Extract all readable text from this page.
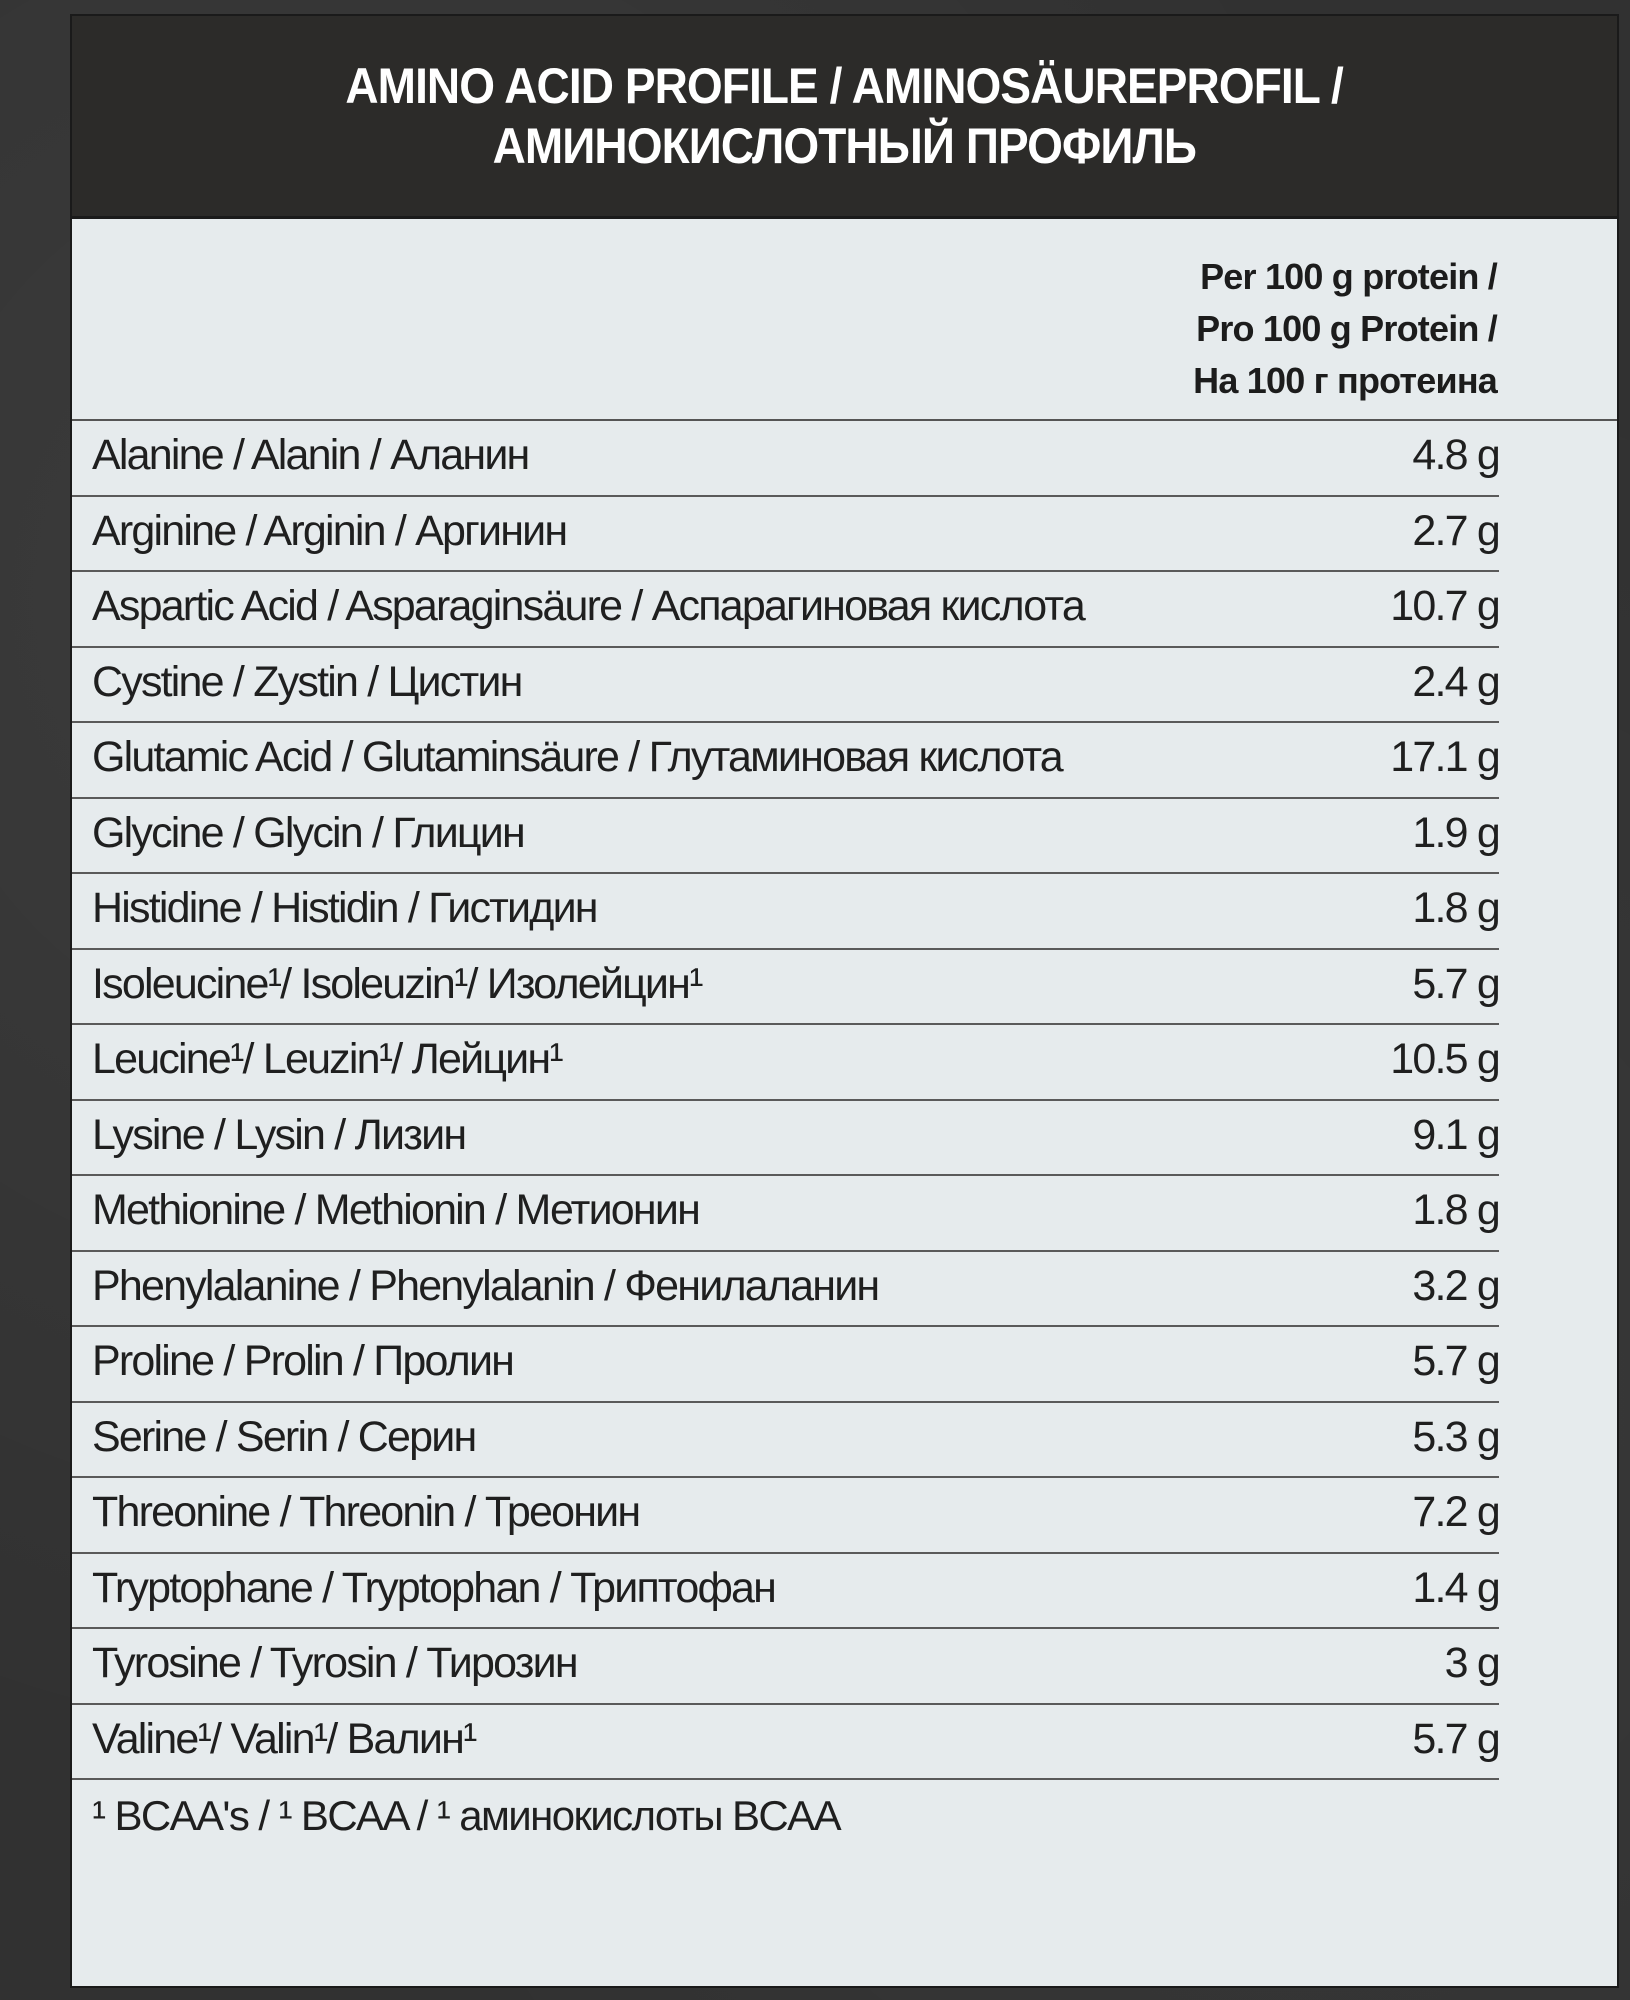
AMINO ACID PROFILE / AMINOSÄUREPROFIL /
АМИНОКИСЛОТНЫЙ ПРОФИЛЬ
Per 100 g protein /
Pro 100 g Protein /
На 100 г протеина
Alanine / Alanin / Аланин	4.8 g
Arginine / Arginin / Аргинин	2.7 g
Aspartic Acid / Asparaginsäure / Аспарагиновая кислота	10.7 g
Cystine / Zystin / Цистин	2.4 g
Glutamic Acid / Glutaminsäure / Глутаминовая кислота	17.1 g
Glycine / Glycin / Глицин	1.9 g
Histidine / Histidin / Гистидин	1.8 g
Isoleucine¹/ Isoleuzin¹/ Изолейцин¹	5.7 g
Leucine¹/ Leuzin¹/ Лейцин¹	10.5 g
Lysine / Lysin / Лизин	9.1 g
Methionine / Methionin / Метионин	1.8 g
Phenylalanine / Phenylalanin / Фенилаланин	3.2 g
Proline / Prolin / Пролин	5.7 g
Serine / Serin / Серин	5.3 g
Threonine / Threonin / Треонин	7.2 g
Tryptophane / Tryptophan / Триптофан	1.4 g
Tyrosine / Tyrosin / Тирозин	3 g
Valine¹/ Valin¹/ Валин¹	5.7 g
¹ BCAA's / ¹ BCAA / ¹ аминокислоты BCAA
